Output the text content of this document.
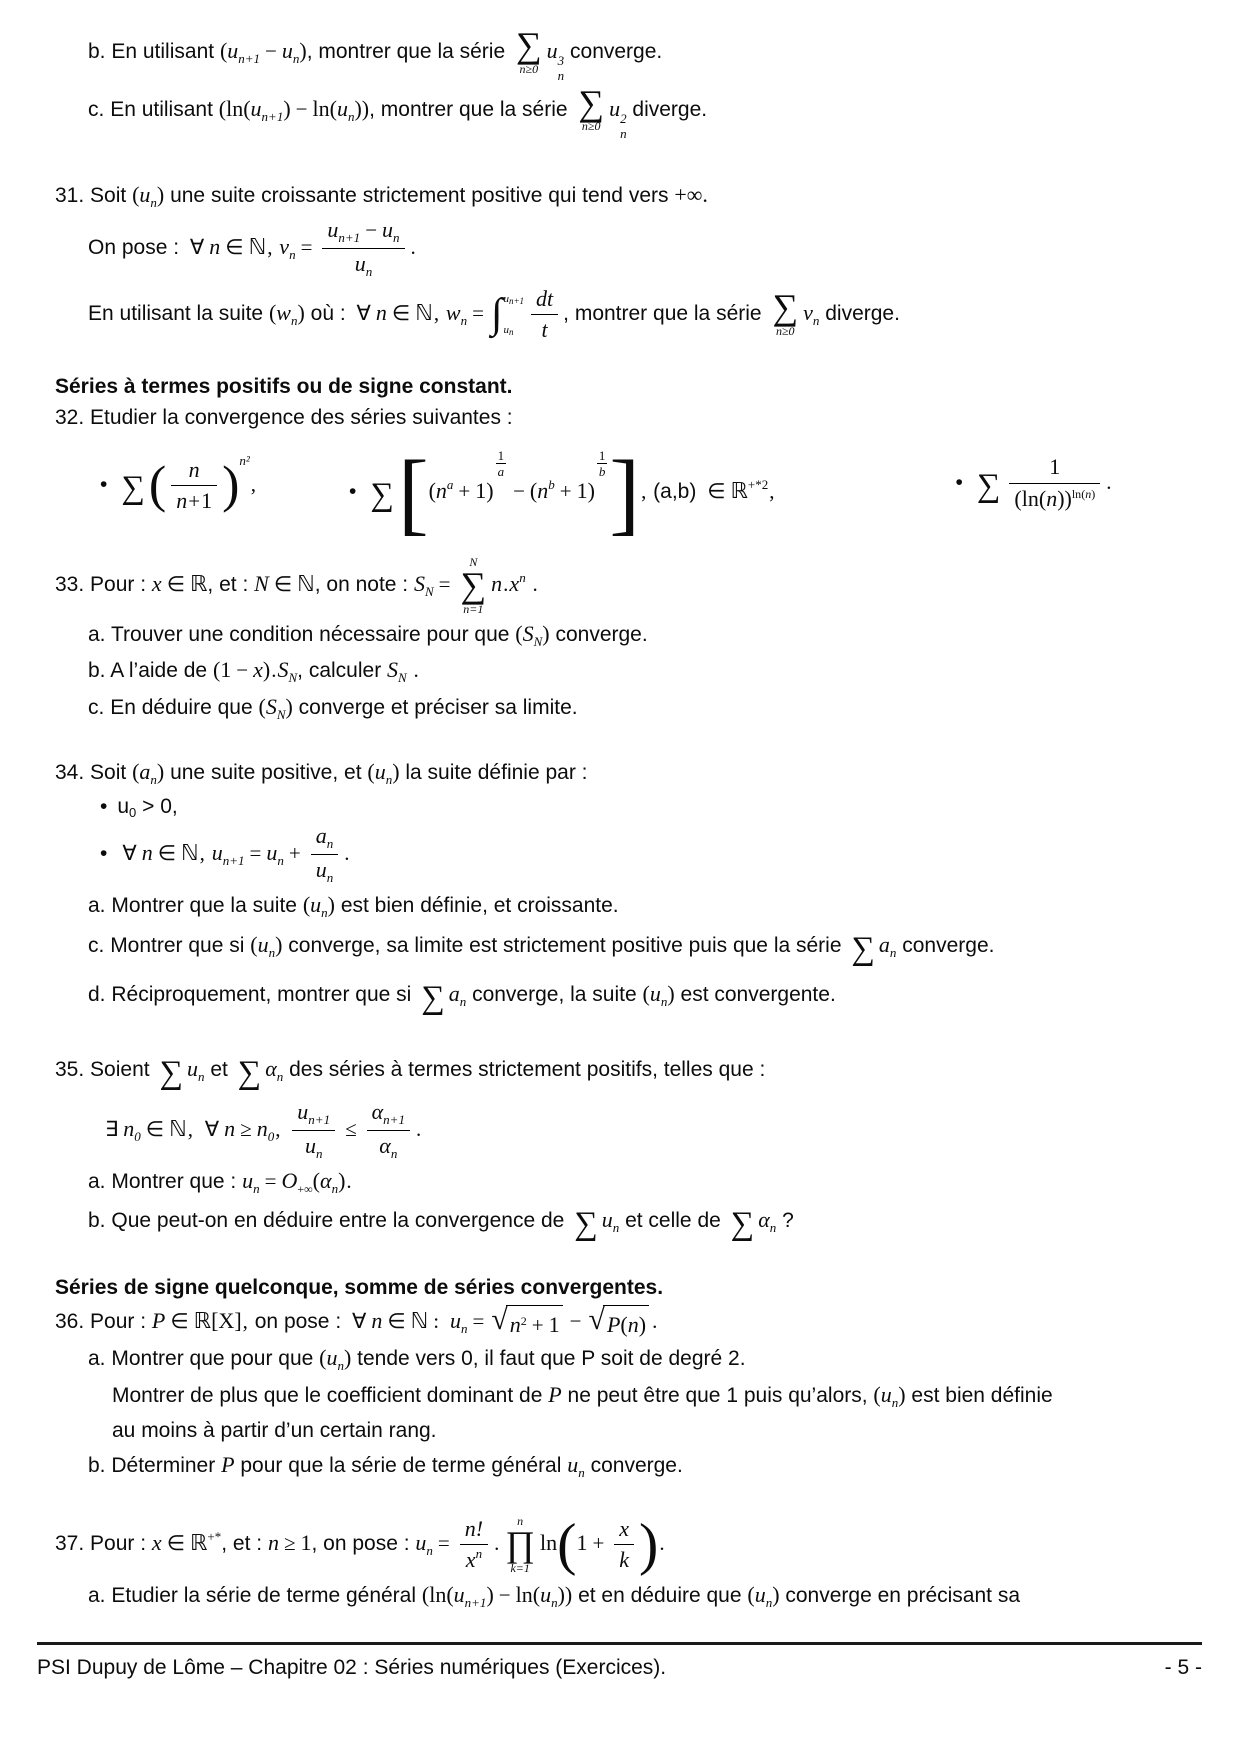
b. En utilisant $(u_{n+1} - u_n)$, montrer que la série ∑
n≥0
u 3
n
converge.
c. En utilisant $(\ln(u_{n+1}) - \ln(u_n))$, montrer que la série ∑
n≥0
u 2
n
diverge.
31. Soit $(u_n)$ une suite croissante strictement positive qui tend vers +∞.
On pose : ∀ n ∈ ℕ, $v_n = \frac{u_{n+1} - u_n}{u_n}$ .
En utilisant la suite $(w_n)$ où : ∀ n ∈ ℕ, $w_n$ = ∫ un+1
un $\frac{dt}{t}$ , montrer que la série ∑
n≥0
$v_n$ diverge.
Séries à termes positifs ou de signe constant.
32. Etudier la convergence des séries suivantes :
• ∑( $\frac{n}{n+1} )^{n^2}$,	• $\sum[(n^a + 1)$
$\frac{1}{a}$
− $(n^b + 1)$
$\frac{1}{b}$ ], (a,b) ∈ ℝ$^{+*2}$,	• ∑ $\frac{1}{(\ln(n))^{ln(n)}}$ .
33. Pour : x ∈ ℝ, et : N ∈ ℕ, on note : $S_N$ =
N
∑
n=1
$n.x^n$ .
a. Trouver une condition nécessaire pour que $(S_N)$ converge.
b. A l’aide de $(1 - x).S_N$, calculer $S_N$ .
c. En déduire que $(S_N)$ converge et préciser sa limite.
34. Soit $(a_n)$ une suite positive, et $(u_n)$ la suite définie par :
• u0 > 0,
• ∀ n ∈ ℕ, $u_{n+1} = u_n + \frac{a_n}{u_n}$ .
a. Montrer que la suite $(u_n)$ est bien définie, et croissante.
c. Montrer que si $(u_n)$ converge, sa limite est strictement positive puis que la série ∑ $a_n$ converge.
d. Réciproquement, montrer que si ∑ $a_n$ converge, la suite $(u_n)$ est convergente.
35. Soient ∑ $u_n$ et ∑ $\alpha_n$ des séries à termes strictement positifs, telles que :
∃ $n_0$ ∈ ℕ, ∀ $n \ge n_0$, $\frac{u_{n+1}}{u_n} \le \frac{\alpha_{n+1}}{\alpha_n}$ .
a. Montrer que : $u_n = O_{+\infty}(\alpha_n)$.
b. Que peut-on en déduire entre la convergence de ∑ $u_n$ et celle de ∑ $\alpha_n$ ?
Séries de signe quelconque, somme de séries convergentes.
36. Pour : P ∈ ℝ[X], on pose : ∀ n ∈ ℕ : $u_n$ = √ $n^2 + 1$ − √ P(n) .
a. Montrer que pour que $(u_n)$ tende vers 0, il faut que P soit de degré 2.
Montrer de plus que le coefficient dominant de P ne peut être que 1 puis qu’alors, $(u_n)$ est bien définie
au moins à partir d’un certain rang.
b. Déterminer P pour que la série de terme général $u_n$ converge.
37. Pour : x ∈ ℝ+*, et : n ≥ 1, on pose : $u_n = \frac{n!}{x^n}$ .
n
∏
k=1
$\ln(1 + \frac{x}{k}$ ).
a. Etudier la série de terme général $(\ln(u_{n+1}) - \ln(u_n))$ et en déduire que $(u_n)$ converge en précisant sa
PSI Dupuy de Lôme – Chapitre 02 : Séries numériques (Exercices).	- 5 -
